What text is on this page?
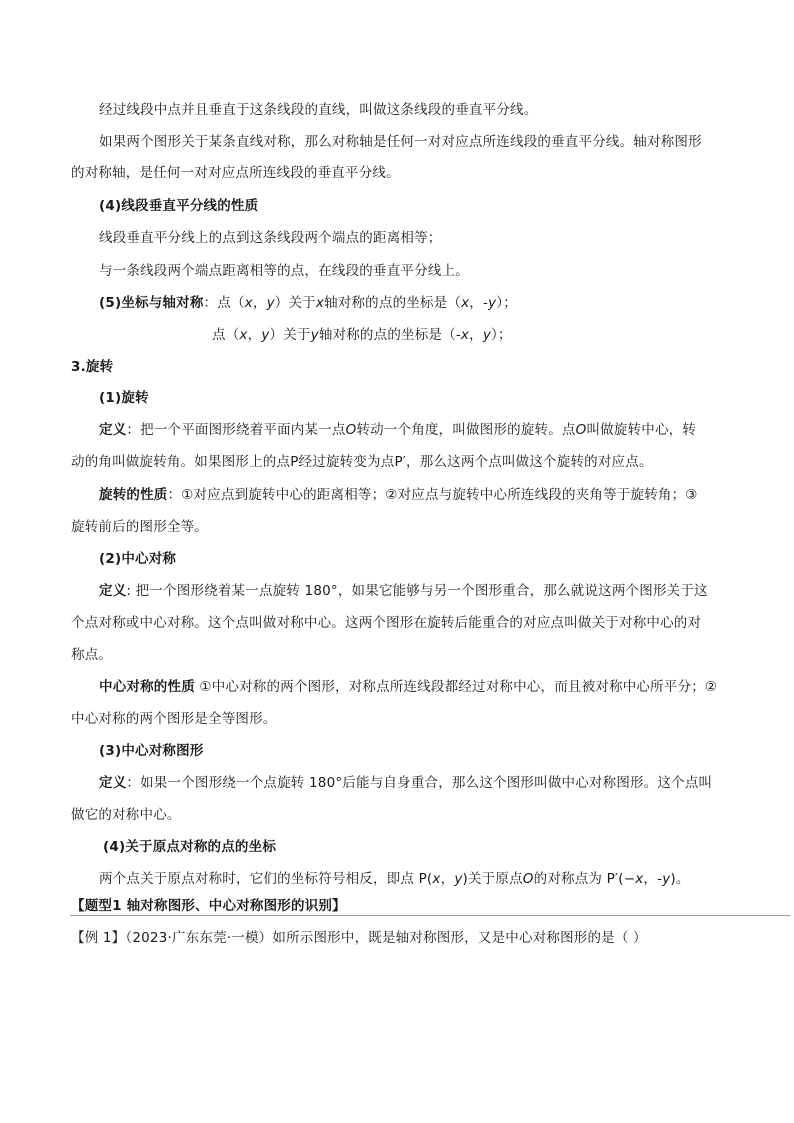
经过线段中点并且垂直于这条线段的直线，叫做这条线段的垂直平分线。
如果两个图形关于某条直线对称，那么对称轴是任何一对对应点所连线段的垂直平分线。轴对称图形
的对称轴，是任何一对对应点所连线段的垂直平分线。
(4)线段垂直平分线的性质
线段垂直平分线上的点到这条线段两个端点的距离相等；
与一条线段两个端点距离相等的点，在线段的垂直平分线上。
(5)坐标与轴对称：点（x，y）关于x轴对称的点的坐标是（x，-y）；
点（x，y）关于y轴对称的点的坐标是（-x，y）；
3.旋转
(1)旋转
定义：把一个平面图形绕着平面内某一点O转动一个角度，叫做图形的旋转。点O叫做旋转中心，转
动的角叫做旋转角。如果图形上的点P经过旋转变为点P′，那么这两个点叫做这个旋转的对应点。
旋转的性质：①对应点到旋转中心的距离相等；②对应点与旋转中心所连线段的夹角等于旋转角；③
旋转前后的图形全等。
(2)中心对称
定义: 把一个图形绕着某一点旋转 180°，如果它能够与另一个图形重合，那么就说这两个图形关于这
个点对称或中心对称。这个点叫做对称中心。这两个图形在旋转后能重合的对应点叫做关于对称中心的对
称点。
中心对称的性质 ①中心对称的两个图形，对称点所连线段都经过对称中心，而且被对称中心所平分；②
中心对称的两个图形是全等图形。
(3)中心对称图形
定义：如果一个图形绕一个点旋转 180°后能与自身重合，那么这个图形叫做中心对称图形。这个点叫
做它的对称中心。
(4)关于原点对称的点的坐标
两个点关于原点对称时，它们的坐标符号相反，即点 P(x，y)关于原点O的对称点为 P′(−x，-y)。
【题型1 轴对称图形、中心对称图形的识别】
【例 1】（2023·广东东莞·一模）如所示图形中，既是轴对称图形，又是中心对称图形的是（ ）
